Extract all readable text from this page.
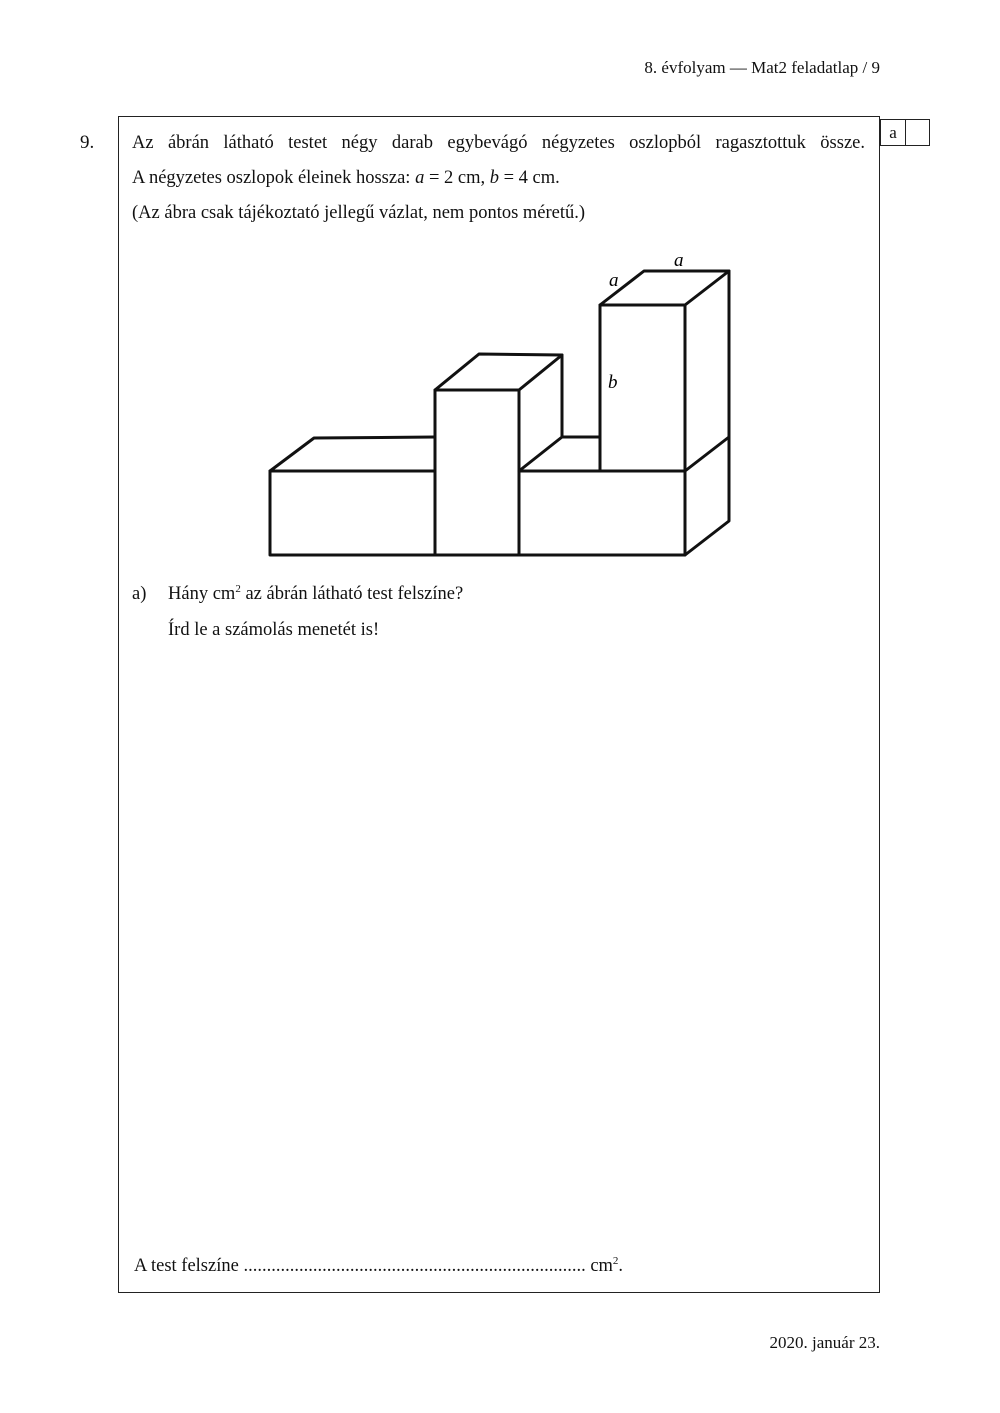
8. évfolyam — Mat2 feladatlap / 9
9.	a
Az ábrán látható testet négy darab egybevágó négyzetes oszlopból ragasztottuk össze.
A négyzetes oszlopok éleinek hossza: a = 2 cm, b = 4 cm.
(Az ábra csak tájékoztató jellegű vázlat, nem pontos méretű.)
a
a
b
a) Hány $cm^2$ az ábrán látható test felszíne?
Írd le a számolás menetét is!
A test felszíne .......................................................................... $cm^2$.
2020. január 23.
